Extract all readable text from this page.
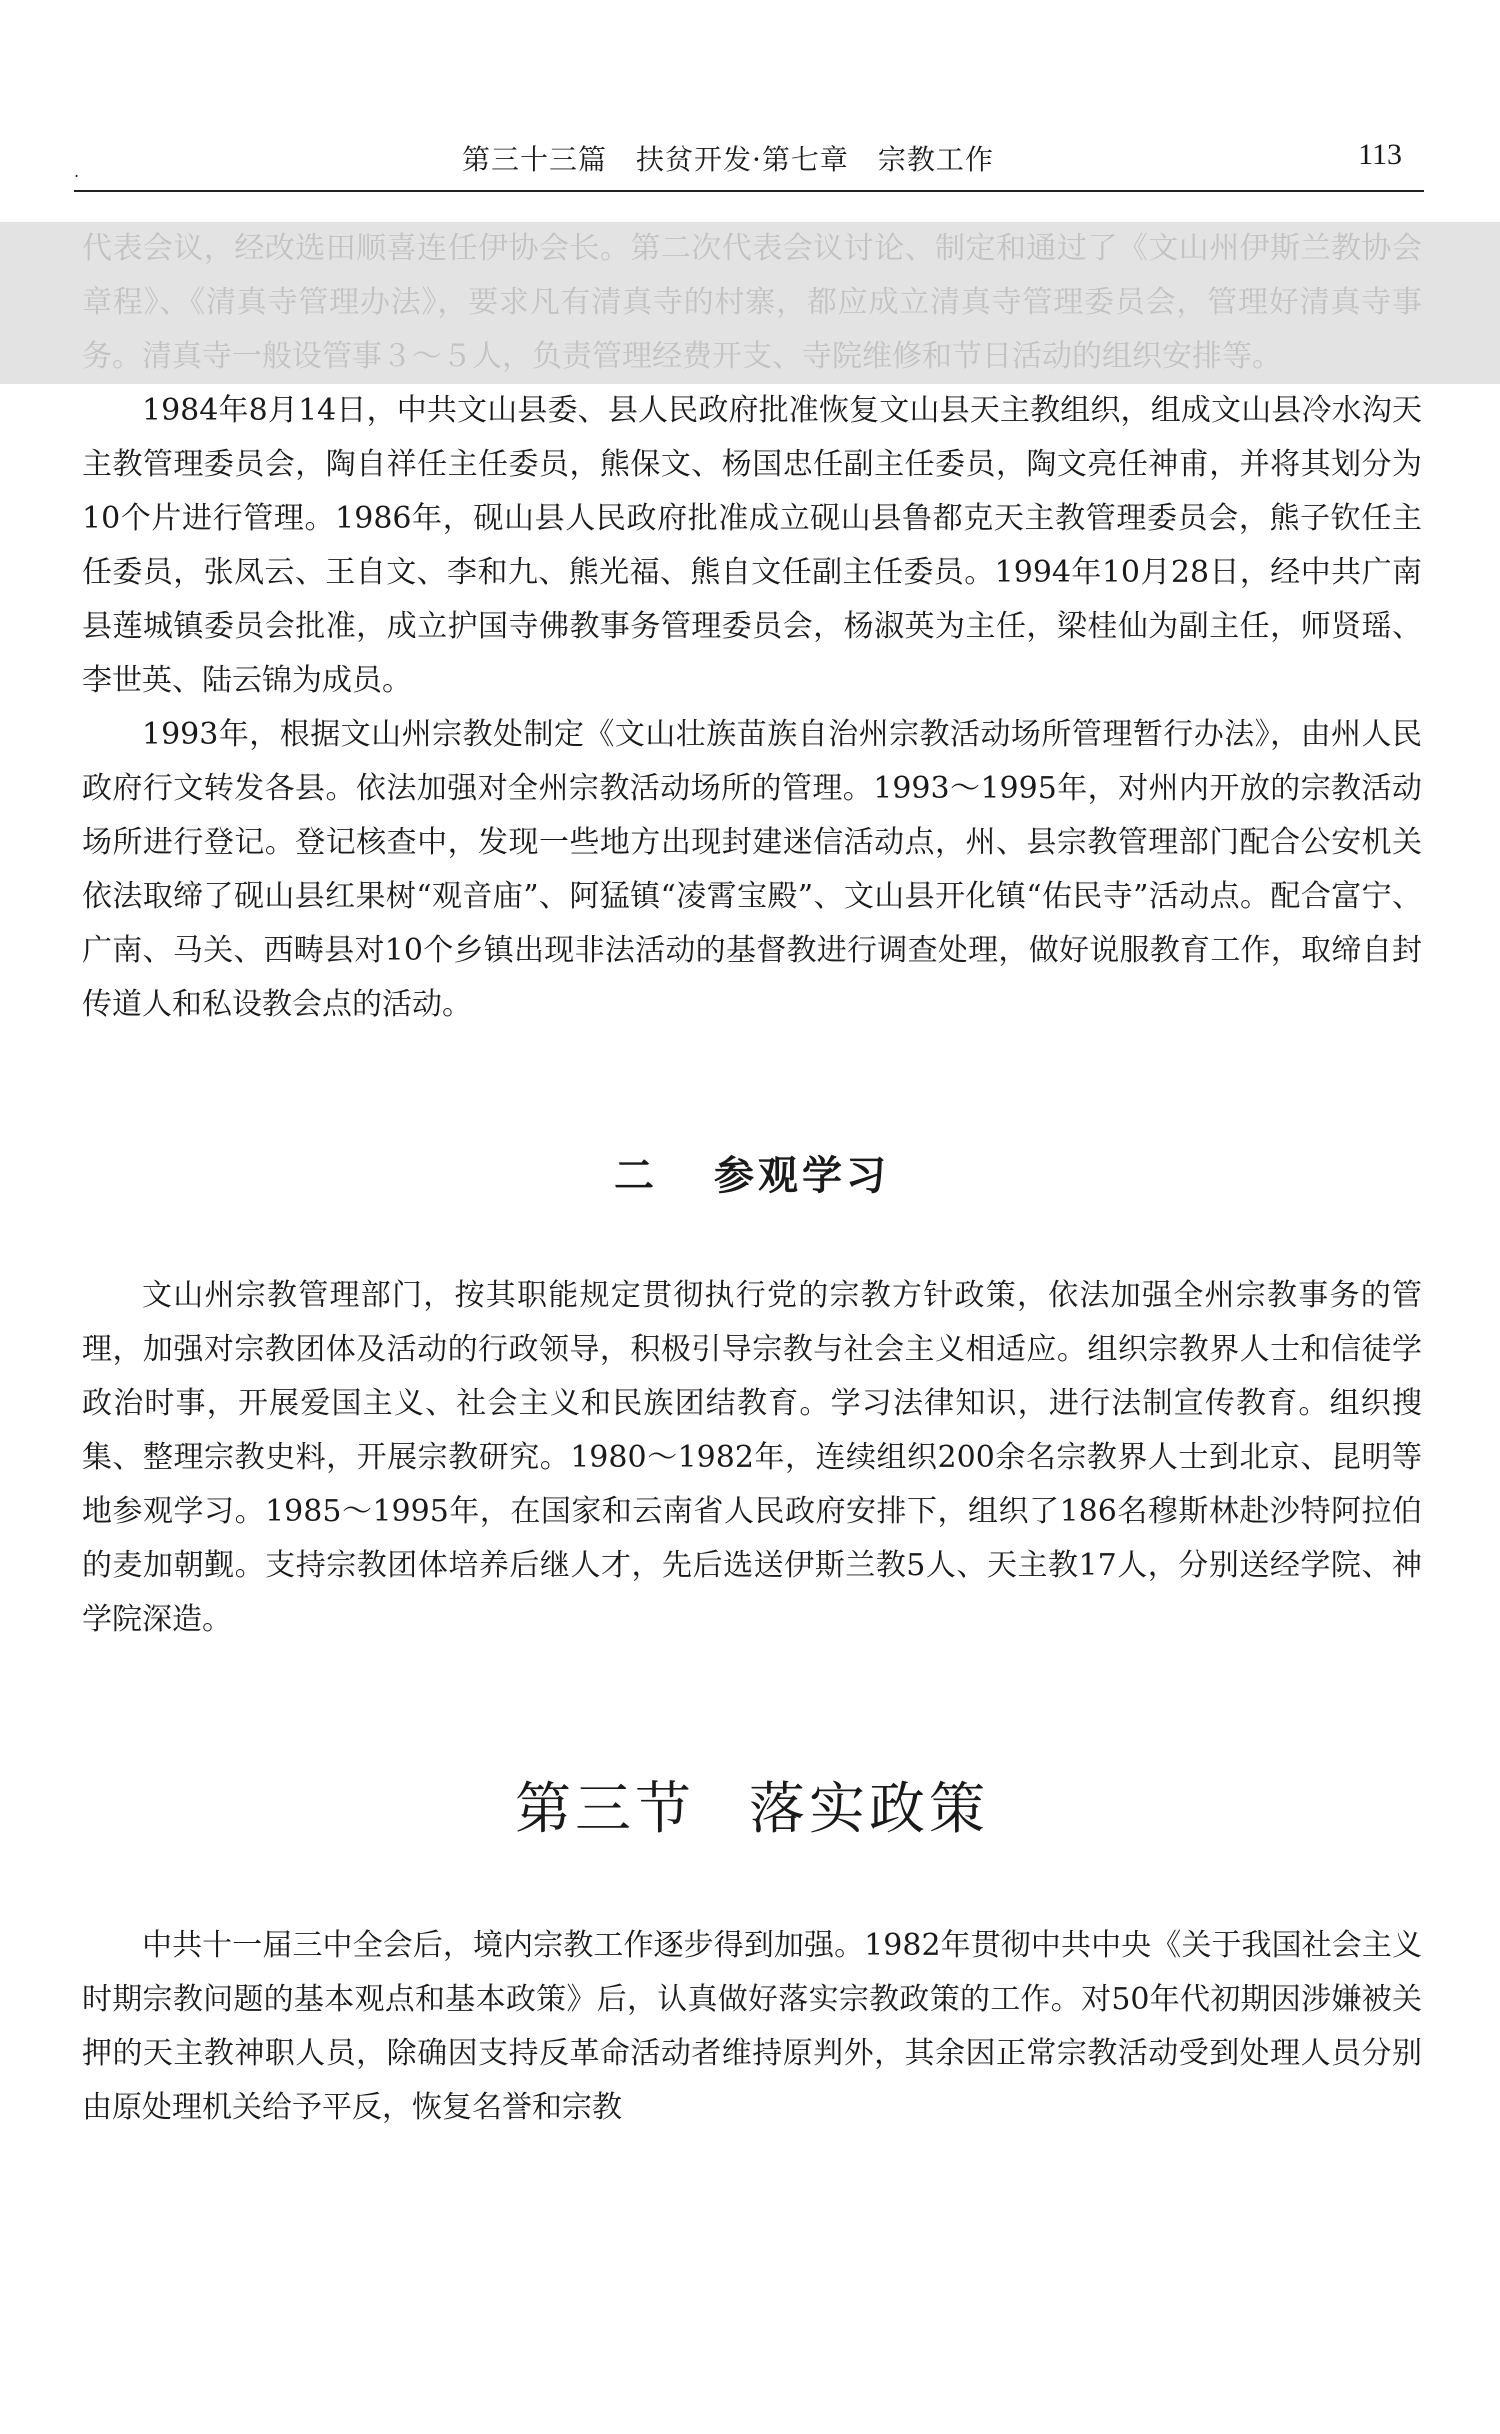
.	第三十三篇　扶贫开发·第七章　宗教工作	113

代表会议，经改选田顺喜连任伊协会长。第二次代表会议讨论、制定和通过了《文山州伊斯兰教协会章程》、《清真寺管理办法》，要求凡有清真寺的村寨，都应成立清真寺管理委员会，管理好清真寺事务。清真寺一般设管事３～５人，负责管理经费开支、寺院维修和节日活动的组织安排等。

1984年8月14日，中共文山县委、县人民政府批准恢复文山县天主教组织，组成文山县冷水沟天主教管理委员会，陶自祥任主任委员，熊保文、杨国忠任副主任委员，陶文亮任神甫，并将其划分为10个片进行管理。1986年，砚山县人民政府批准成立砚山县鲁都克天主教管理委员会，熊子钦任主任委员，张凤云、王自文、李和九、熊光福、熊自文任副主任委员。1994年10月28日，经中共广南县莲城镇委员会批准，成立护国寺佛教事务管理委员会，杨淑英为主任，梁桂仙为副主任，师贤瑶、李世英、陆云锦为成员。

1993年，根据文山州宗教处制定《文山壮族苗族自治州宗教活动场所管理暂行办法》，由州人民政府行文转发各县。依法加强对全州宗教活动场所的管理。1993～1995年，对州内开放的宗教活动场所进行登记。登记核查中，发现一些地方出现封建迷信活动点，州、县宗教管理部门配合公安机关依法取缔了砚山县红果树“观音庙”、阿猛镇“凌霄宝殿”、文山县开化镇“佑民寺”活动点。配合富宁、广南、马关、西畴县对10个乡镇出现非法活动的基督教进行调查处理，做好说服教育工作，取缔自封传道人和私设教会点的活动。

二 参观学习

文山州宗教管理部门，按其职能规定贯彻执行党的宗教方针政策，依法加强全州宗教事务的管理，加强对宗教团体及活动的行政领导，积极引导宗教与社会主义相适应。组织宗教界人士和信徒学政治时事，开展爱国主义、社会主义和民族团结教育。学习法律知识，进行法制宣传教育。组织搜集、整理宗教史料，开展宗教研究。1980～1982年，连续组织200余名宗教界人士到北京、昆明等地参观学习。1985～1995年，在国家和云南省人民政府安排下，组织了186名穆斯林赴沙特阿拉伯的麦加朝觐。支持宗教团体培养后继人才，先后选送伊斯兰教5人、天主教17人，分别送经学院、神学院深造。

第三节 落实政策

中共十一届三中全会后，境内宗教工作逐步得到加强。1982年贯彻中共中央《关于我国社会主义时期宗教问题的基本观点和基本政策》后，认真做好落实宗教政策的工作。对50年代初期因涉嫌被关押的天主教神职人员，除确因支持反革命活动者维持原判外，其余因正常宗教活动受到处理人员分别由原处理机关给予平反，恢复名誉和宗教
